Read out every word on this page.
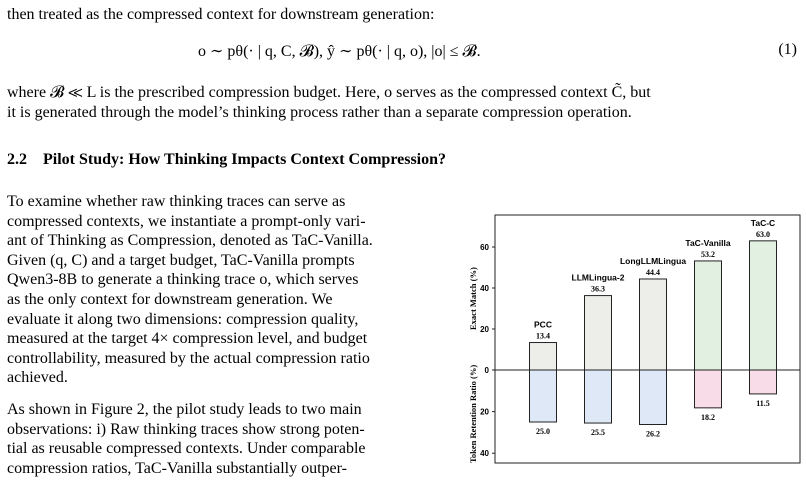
then treated as the compressed context for downstream generation:
o ∼ pθ(· | q, C, 𝓑), ŷ ∼ pθ(· | q, o), |o| ≤ 𝓑.	(1)
where 𝓑 ≪ L is the prescribed compression budget. Here, o serves as the compressed context C̃, but
it is generated through the model’s thinking process rather than a separate compression operation.
2.2 Pilot Study: How Thinking Impacts Context Compression?

To examine whether raw thinking traces can serve as
compressed contexts, we instantiate a prompt-only vari-
ant of Thinking as Compression, denoted as TaC-Vanilla.
Given (q, C) and a target budget, TaC-Vanilla prompts
Qwen3-8B to generate a thinking trace o, which serves
as the only context for downstream generation. We
evaluate it along two dimensions: compression quality,
measured at the target 4× compression level, and budget
controllability, measured by the actual compression ratio
achieved.

As shown in Figure 2, the pilot study leads to two main
observations: i) Raw thinking traces show strong poten-
tial as reusable compressed contexts. Under comparable
compression ratios, TaC-Vanilla substantially outper-

Exact Match (%)
Token Retention Ratio (%)
60
40
20
0
20
40
13.4
PCC
25.0
36.3
LLMLingua-2
25.5
44.4
LongLLMLingua
26.2
53.2
TaC-Vanilla
18.2
63.0
TaC-C
11.5
